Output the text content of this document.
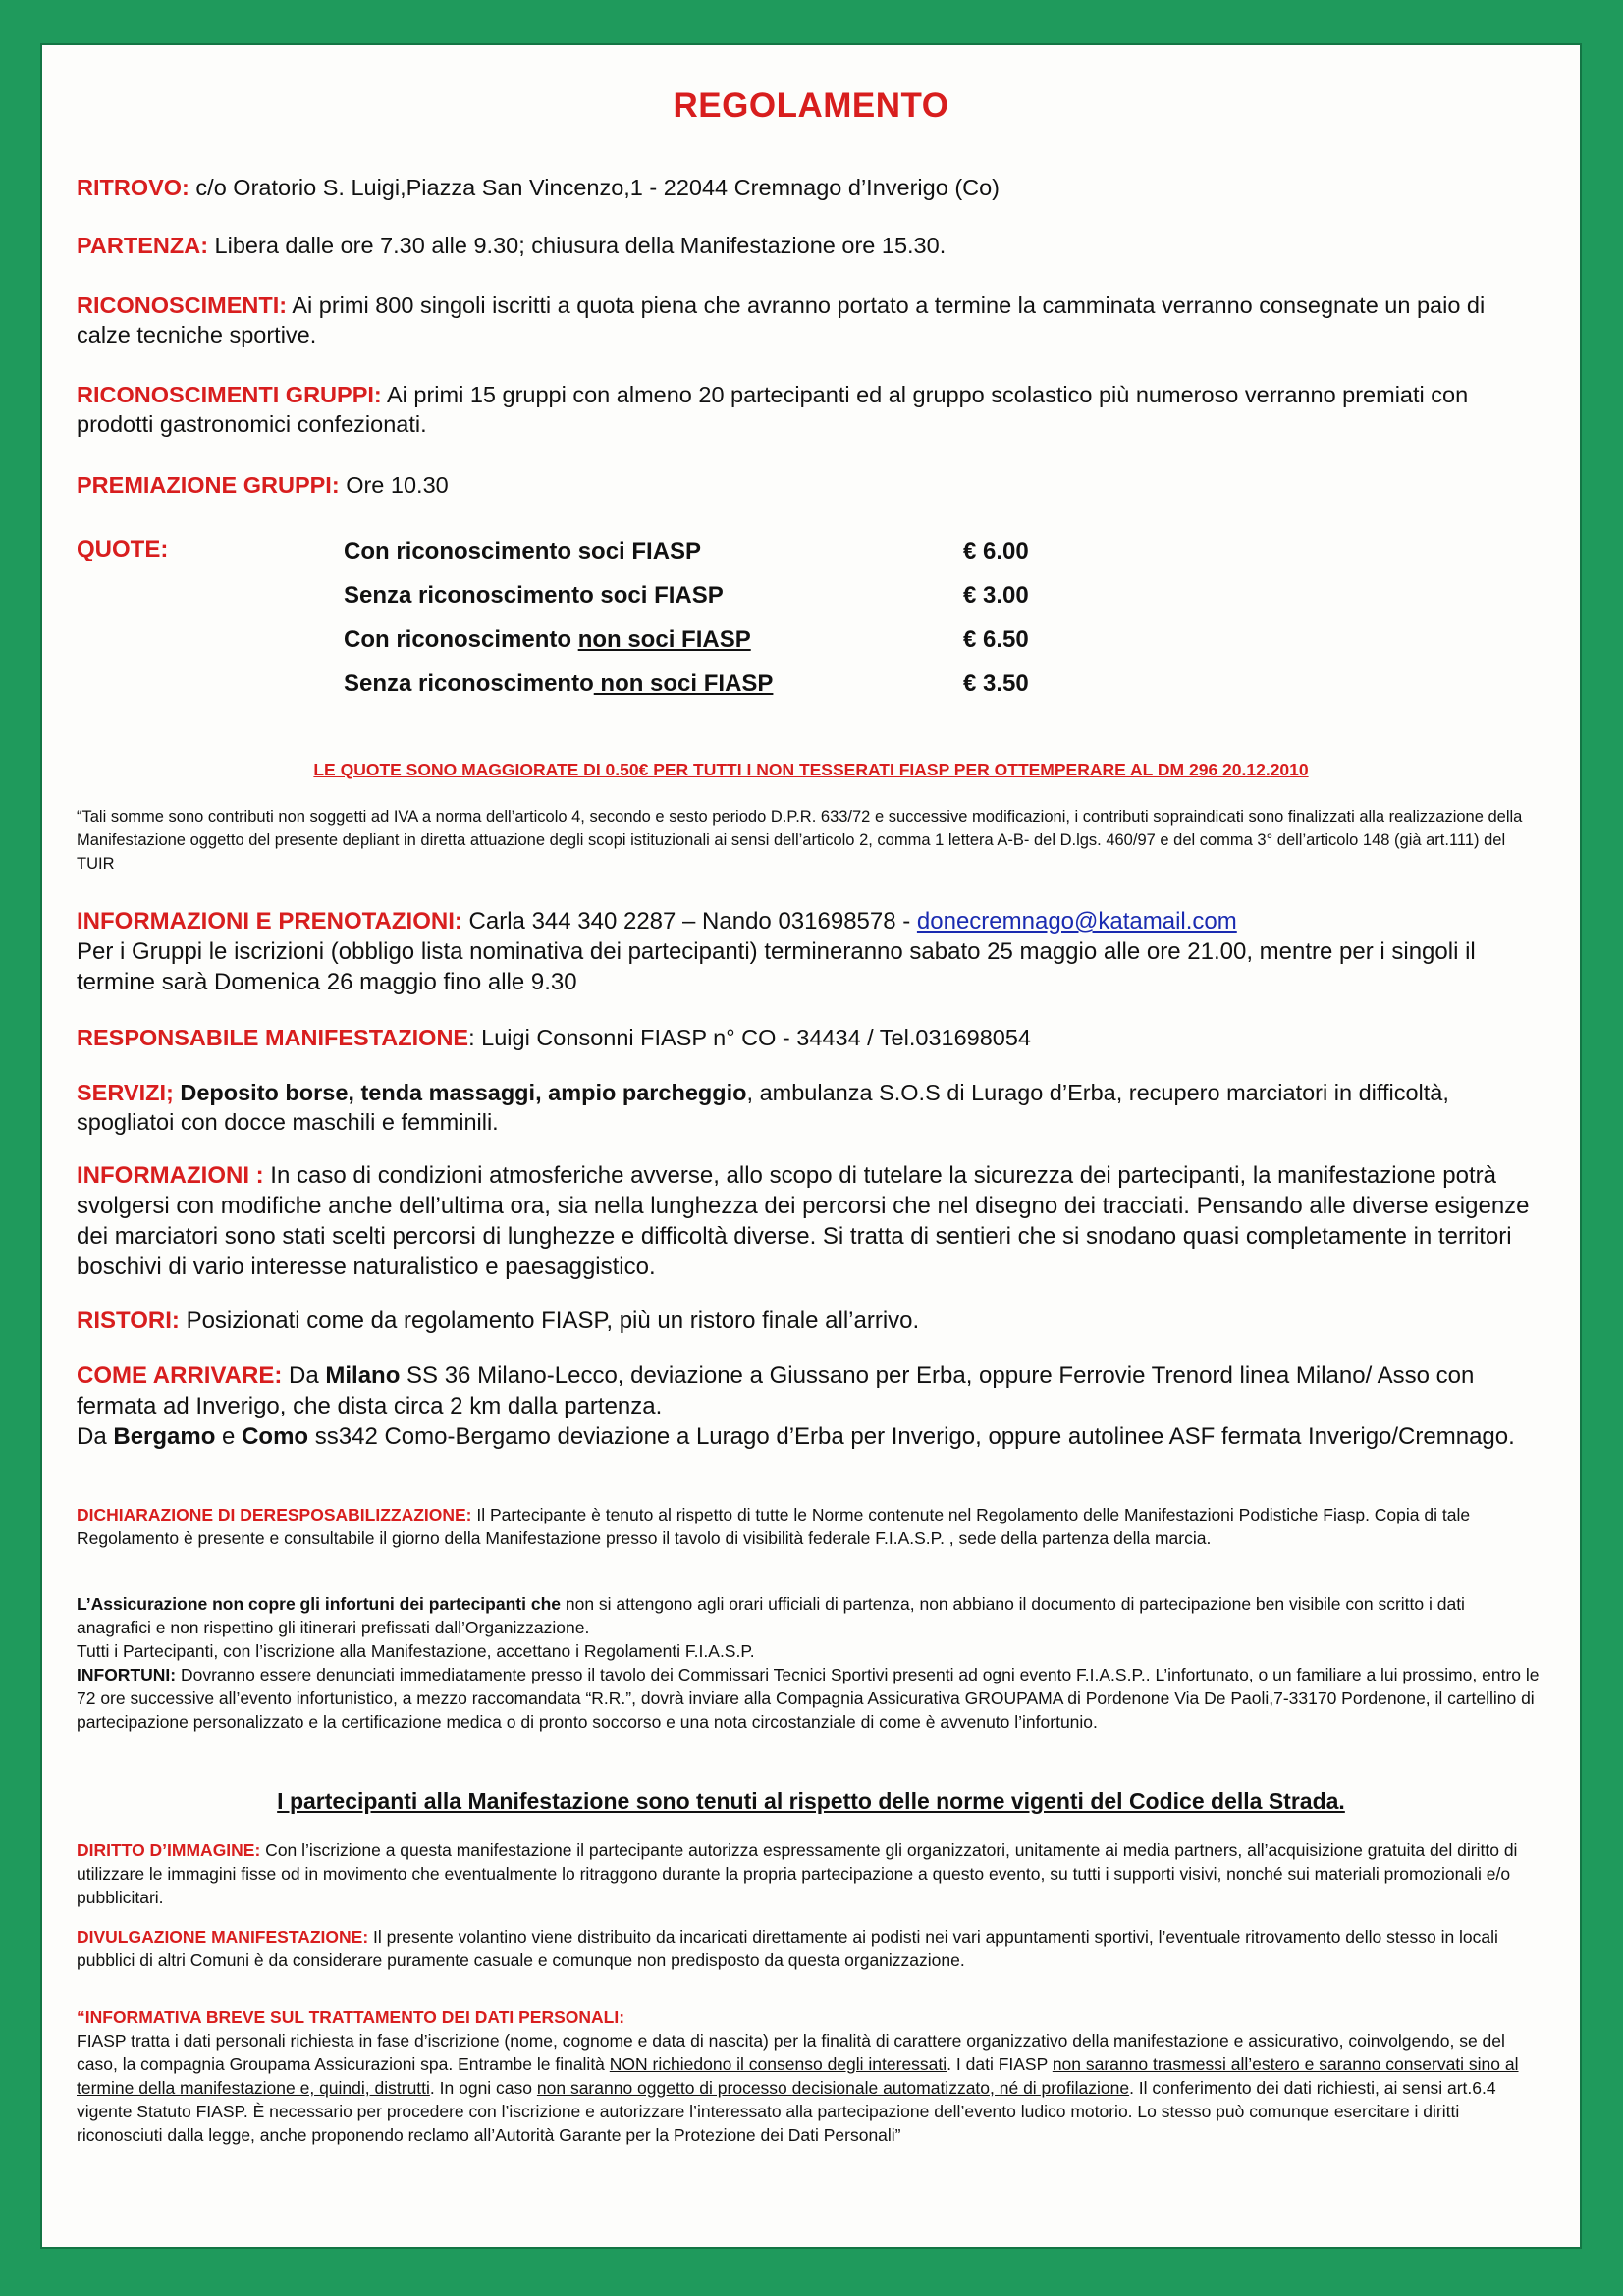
REGOLAMENTO
RITROVO: c/o Oratorio S. Luigi,Piazza San Vincenzo,1 - 22044 Cremnago d’Inverigo (Co)
PARTENZA: Libera dalle ore 7.30 alle 9.30; chiusura della Manifestazione ore 15.30.
RICONOSCIMENTI: Ai primi 800 singoli iscritti a quota piena che avranno portato a termine la camminata verranno consegnate un paio di calze tecniche sportive.
RICONOSCIMENTI GRUPPI: Ai primi 15 gruppi con almeno 20 partecipanti ed al gruppo scolastico più numeroso verranno premiati con prodotti gastronomici confezionati.
PREMIAZIONE GRUPPI: Ore 10.30
QUOTE:	Con riconoscimento soci FIASP	€ 6.00
Senza riconoscimento soci FIASP	€ 3.00
Con riconoscimento non soci FIASP	€ 6.50
Senza riconoscimento non soci FIASP	€ 3.50
LE QUOTE SONO MAGGIORATE DI 0.50€ PER TUTTI I NON TESSERATI FIASP PER OTTEMPERARE AL DM 296 20.12.2010
“Tali somme sono contributi non soggetti ad IVA a norma dell’articolo 4, secondo e sesto periodo D.P.R. 633/72 e successive modificazioni, i contributi sopraindicati sono finalizzati alla realizzazione della Manifestazione oggetto del presente depliant in diretta attuazione degli scopi istituzionali ai sensi dell’articolo 2, comma 1 lettera A-B- del D.lgs. 460/97 e del comma 3° dell’articolo 148 (già art.111) del TUIR
INFORMAZIONI E PRENOTAZIONI: Carla 344 340 2287 – Nando 031698578 - donecremnago@katamail.com
Per i Gruppi le iscrizioni (obbligo lista nominativa dei partecipanti) termineranno sabato 25 maggio alle ore 21.00, mentre per i singoli il termine sarà Domenica 26 maggio fino alle 9.30
RESPONSABILE MANIFESTAZIONE: Luigi Consonni FIASP n° CO - 34434 / Tel.031698054
SERVIZI; Deposito borse, tenda massaggi, ampio parcheggio, ambulanza S.O.S di Lurago d’Erba, recupero marciatori in difficoltà, spogliatoi con docce maschili e femminili.
INFORMAZIONI : In caso di condizioni atmosferiche avverse, allo scopo di tutelare la sicurezza dei partecipanti, la manifestazione potrà svolgersi con modifiche anche dell’ultima ora, sia nella lunghezza dei percorsi che nel disegno dei tracciati. Pensando alle diverse esigenze dei marciatori sono stati scelti percorsi di lunghezze e difficoltà diverse. Si tratta di sentieri che si snodano quasi completamente in territori boschivi di vario interesse naturalistico e paesaggistico.
RISTORI: Posizionati come da regolamento FIASP, più un ristoro finale all’arrivo.
COME ARRIVARE: Da Milano SS 36 Milano-Lecco, deviazione a Giussano per Erba, oppure Ferrovie Trenord linea Milano/ Asso con fermata ad Inverigo, che dista circa 2 km dalla partenza.
Da Bergamo e Como ss342 Como-Bergamo deviazione a Lurago d’Erba per Inverigo, oppure autolinee ASF fermata Inverigo/Cremnago.
DICHIARAZIONE DI DERESPOSABILIZZAZIONE: Il Partecipante è tenuto al rispetto di tutte le Norme contenute nel Regolamento delle Manifestazioni Podistiche Fiasp. Copia di tale Regolamento è presente e consultabile il giorno della Manifestazione presso il tavolo di visibilità federale F.I.A.S.P. , sede della partenza della marcia.
L’Assicurazione non copre gli infortuni dei partecipanti che non si attengono agli orari ufficiali di partenza, non abbiano il documento di partecipazione ben visibile con scritto i dati anagrafici e non rispettino gli itinerari prefissati dall’Organizzazione.
Tutti i Partecipanti, con l’iscrizione alla Manifestazione, accettano i Regolamenti F.I.A.S.P.
INFORTUNI: Dovranno essere denunciati immediatamente presso il tavolo dei Commissari Tecnici Sportivi presenti ad ogni evento F.I.A.S.P.. L’infortunato, o un familiare a lui prossimo, entro le 72 ore successive all’evento infortunistico, a mezzo raccomandata “R.R.”, dovrà inviare alla Compagnia Assicurativa GROUPAMA di Pordenone Via De Paoli,7-33170 Pordenone, il cartellino di partecipazione personalizzato e la certificazione medica o di pronto soccorso e una nota circostanziale di come è avvenuto l’infortunio.
I partecipanti alla Manifestazione sono tenuti al rispetto delle norme vigenti del Codice della Strada.
DIRITTO D’IMMAGINE: Con l’iscrizione a questa manifestazione il partecipante autorizza espressamente gli organizzatori, unitamente ai media partners, all’acquisizione gratuita del diritto di utilizzare le immagini fisse od in movimento che eventualmente lo ritraggono durante la propria partecipazione a questo evento, su tutti i supporti visivi, nonché sui materiali promozionali e/o pubblicitari.
DIVULGAZIONE MANIFESTAZIONE: Il presente volantino viene distribuito da incaricati direttamente ai podisti nei vari appuntamenti sportivi, l’eventuale ritrovamento dello stesso in locali pubblici di altri Comuni è da considerare puramente casuale e comunque non predisposto da questa organizzazione.
“INFORMATIVA BREVE SUL TRATTAMENTO DEI DATI PERSONALI:
FIASP tratta i dati personali richiesta in fase d’iscrizione (nome, cognome e data di nascita) per la finalità di carattere organizzativo della manifestazione e assicurativo, coinvolgendo, se del caso, la compagnia Groupama Assicurazioni spa. Entrambe le finalità NON richiedono il consenso degli interessati. I dati FIASP non saranno trasmessi all’estero e saranno conservati sino al termine della manifestazione e, quindi, distrutti. In ogni caso non saranno oggetto di processo decisionale automatizzato, né di profilazione. Il conferimento dei dati richiesti, ai sensi art.6.4 vigente Statuto FIASP. È necessario per procedere con l’iscrizione e autorizzare l’interessato alla partecipazione dell’evento ludico motorio. Lo stesso può comunque esercitare i diritti riconosciuti dalla legge, anche proponendo reclamo all’Autorità Garante per la Protezione dei Dati Personali”
